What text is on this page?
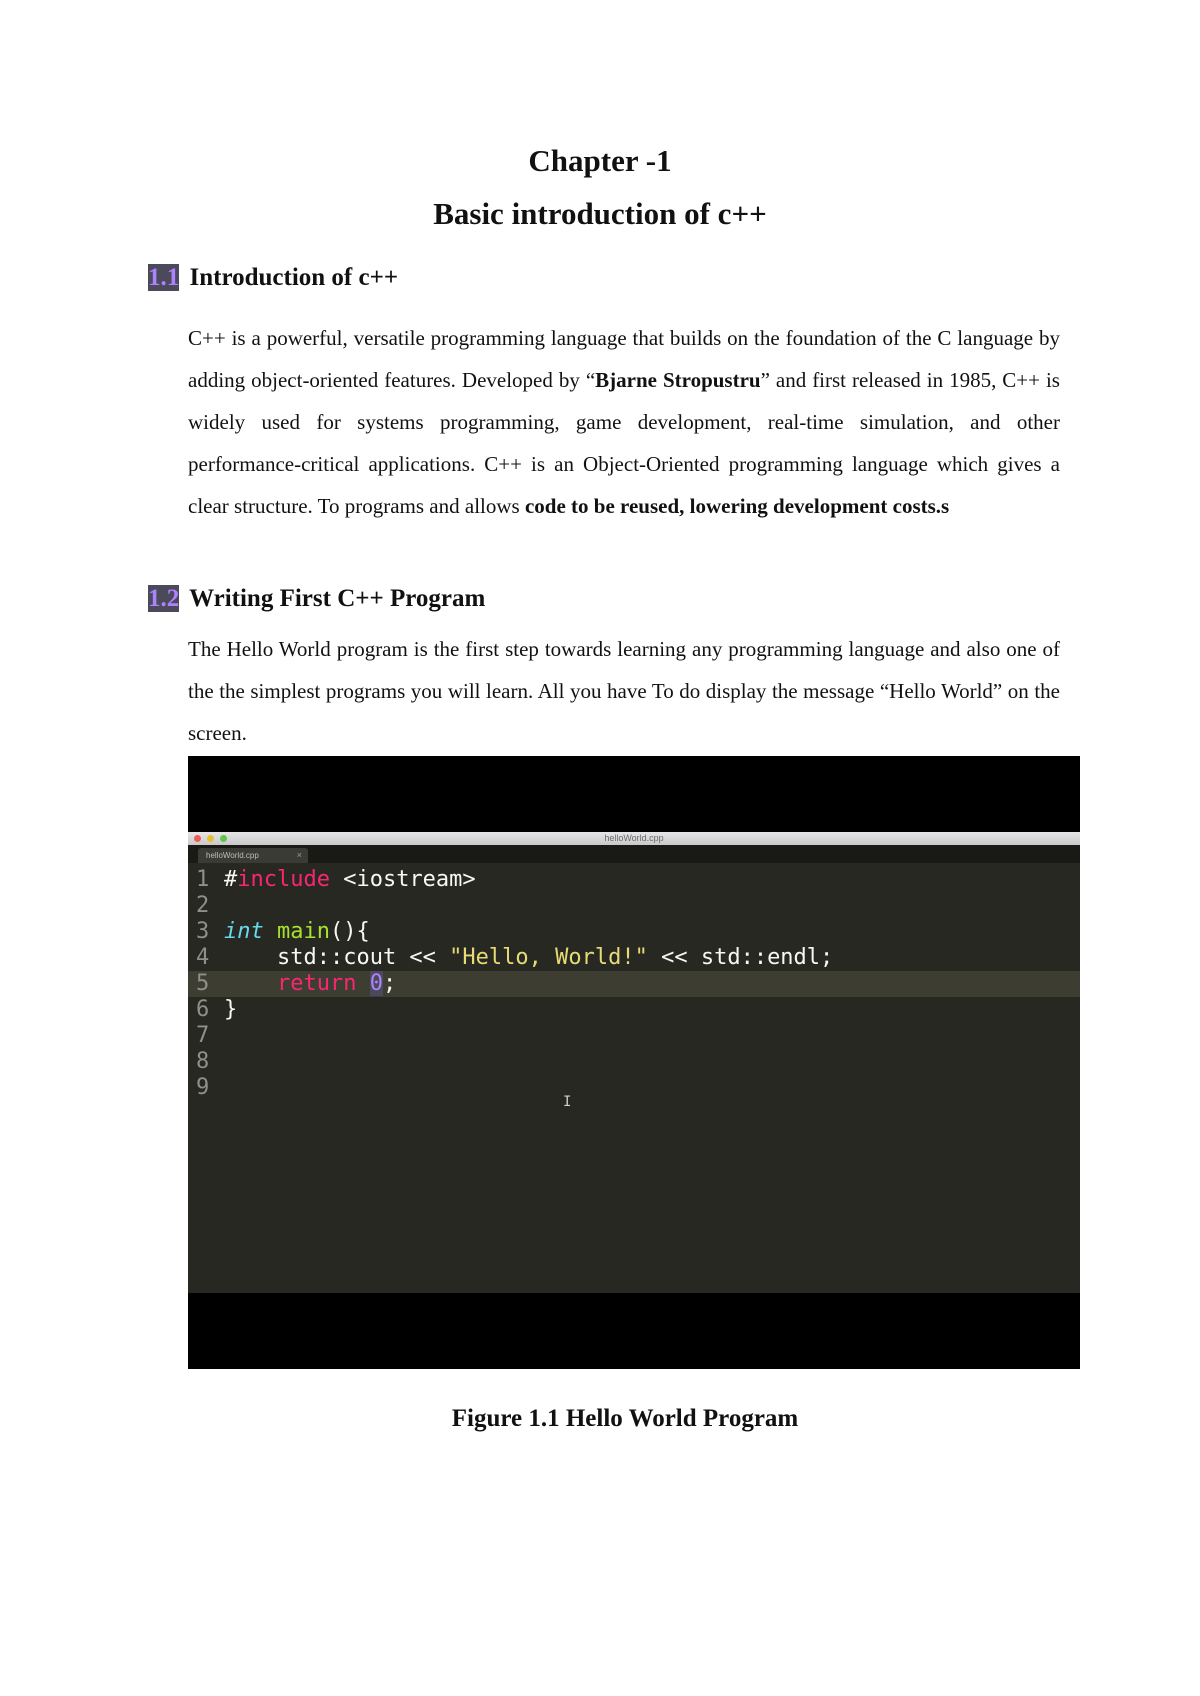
Chapter -1
Basic introduction of c++
1.1 Introduction of c++
C++ is a powerful, versatile programming language that builds on the foundation of the C language by adding object-oriented features. Developed by “Bjarne Stropustru” and first released in 1985, C++ is widely used for systems programming, game development, real-time simulation, and other performance-critical applications. C++ is an Object-Oriented programming language which gives a clear structure. To programs and allows code to be reused, lowering development costs.s
1.2 Writing First C++ Program
The Hello World program is the first step towards learning any programming language and also one of the the simplest programs you will learn. All you have To do display the message “Hello World” on the screen.
helloWorld.cpp
helloWorld.cpp	×
1 #include <iostream>
2
3 int main(){
4    std::cout << "Hello, World!" << std::endl;
5	return 0;
6 }
7
8
9
I
Figure 1.1 Hello World Program
